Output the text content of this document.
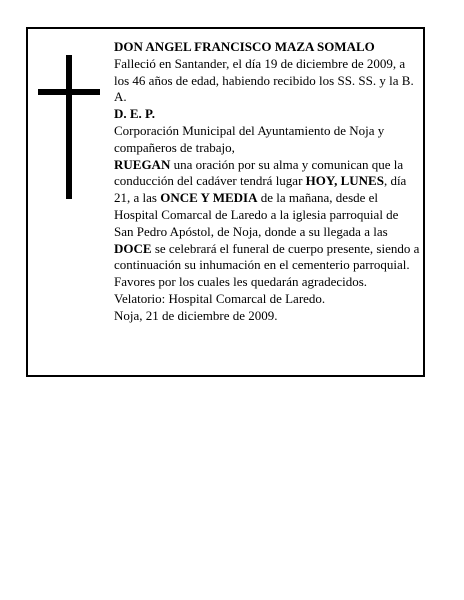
DON ANGEL FRANCISCO MAZA SOMALO

Falleció en Santander, el día 19 de diciembre de 2009, a los 46 años de edad, habiendo recibido los SS. SS. y la B. A.

D. E. P.

Corporación Municipal del Ayuntamiento de Noja y compañeros de trabajo,

RUEGAN una oración por su alma y comunican que la conducción del cadáver tendrá lugar HOY, LUNES, día 21, a las ONCE Y MEDIA de la mañana, desde el Hospital Comarcal de Laredo a la iglesia parroquial de San Pedro Apóstol, de Noja, donde a su llegada a las DOCE se celebrará el funeral de cuerpo presente, siendo a continuación su inhumación en el cementerio parroquial. Favores por los cuales les quedarán agradecidos. Velatorio: Hospital Comarcal de Laredo.

Noja, 21 de diciembre de 2009.
